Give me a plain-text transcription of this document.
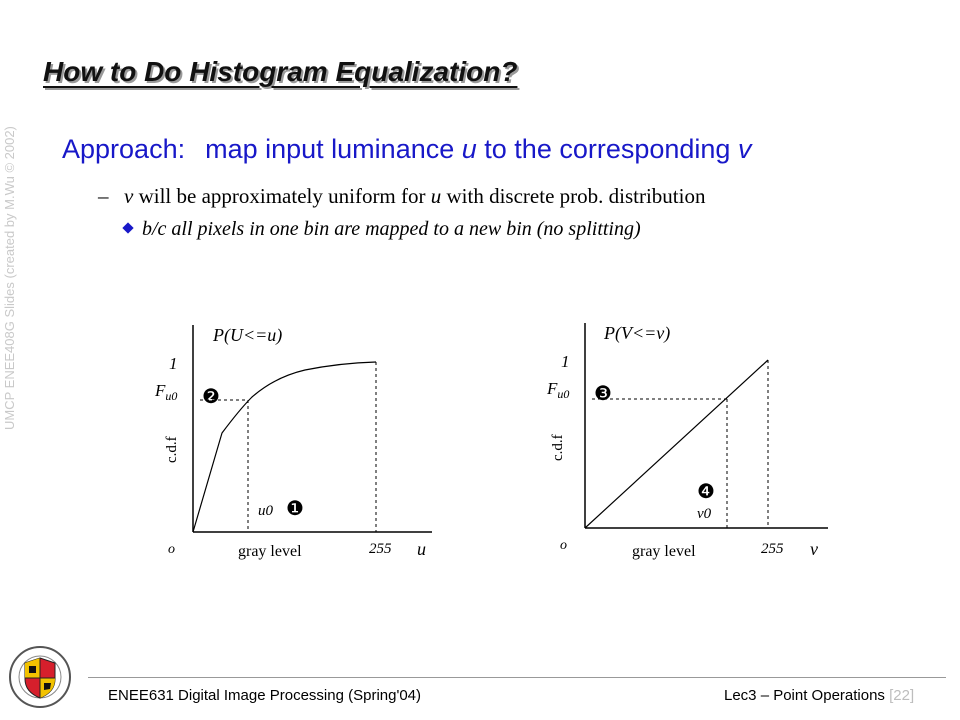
UMCP ENEE408G Slides (created by M.Wu © 2002)
How to Do Histogram Equalization?
Approach: map input luminance u to the corresponding v
– v will be approximately uniform for u with discrete prob. distribution
b/c all pixels in one bin are mapped to a new bin (no splitting)
P(U<=u)
1
$F_{u0}$ ❷
c.d.f
u0 ❶
o	gray level	255 u
P(V<=v)
1
$F_{u0}$ ❸
c.d.f
❹
v0
o	gray level	255 v
ENEE631 Digital Image Processing (Spring'04)	Lec3 – Point Operations [22]
